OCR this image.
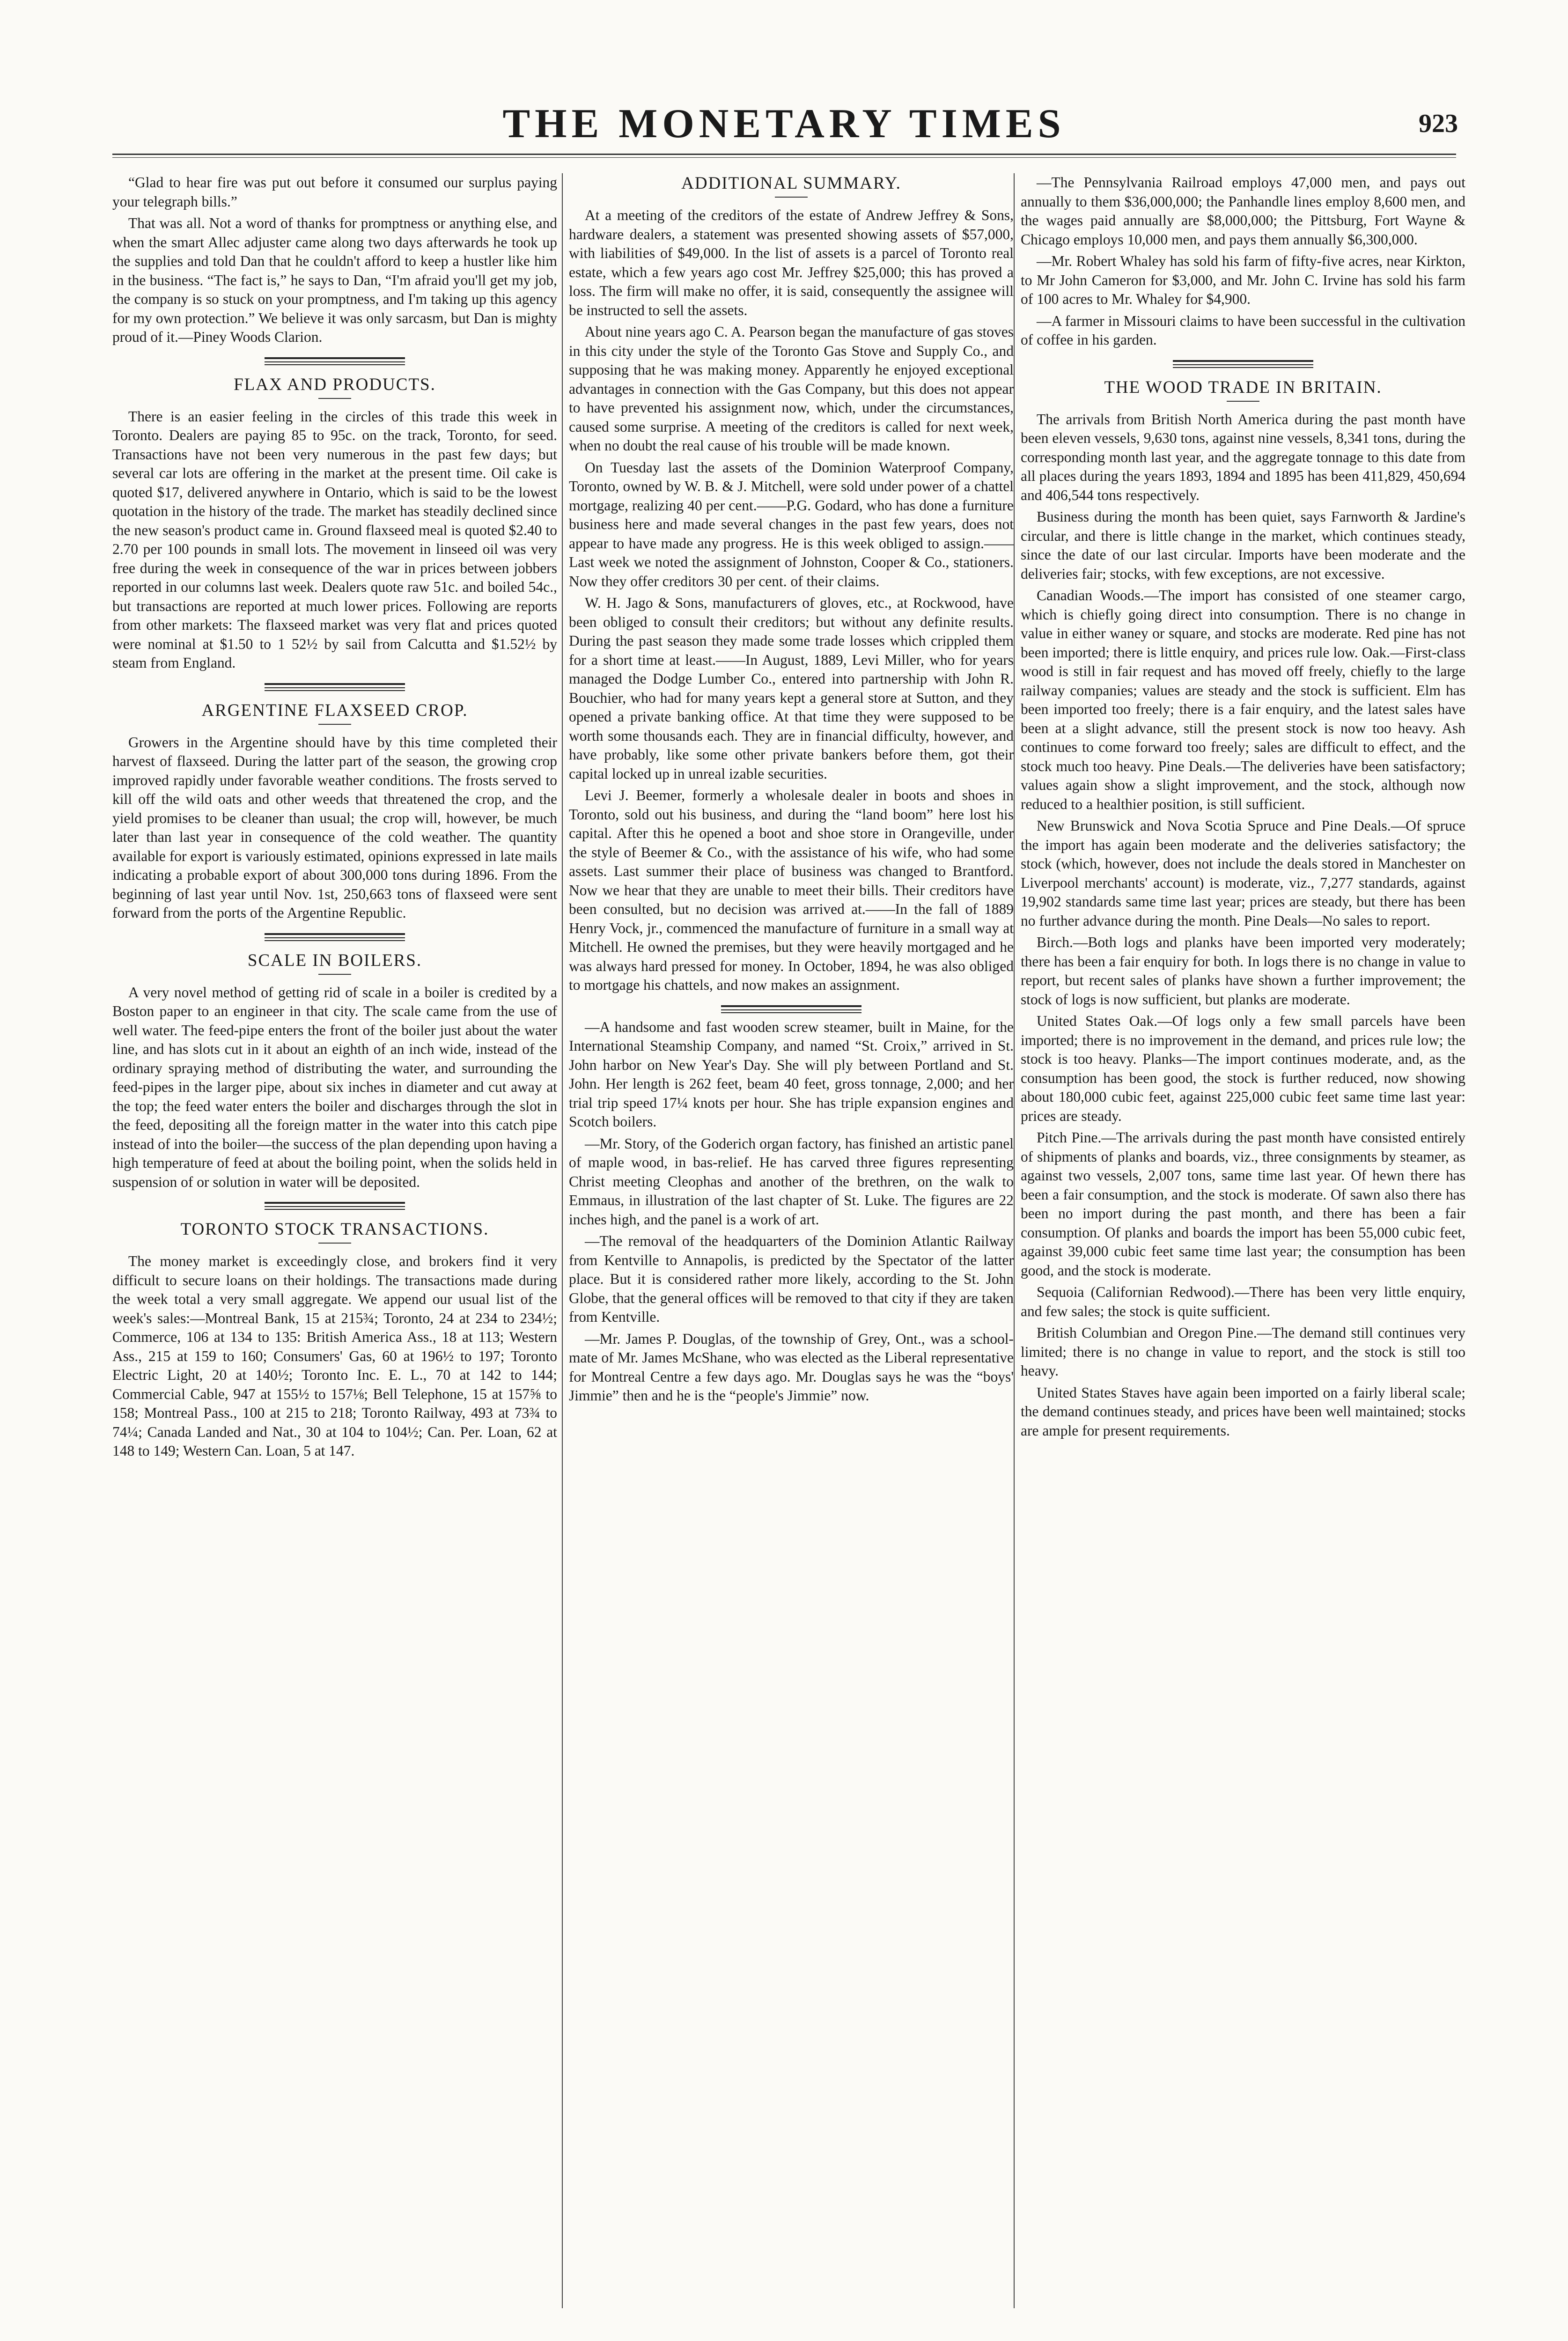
THE MONETARY TIMES	923

“Glad to hear fire was put out before it consumed our surplus paying your telegraph bills.”

That was all. Not a word of thanks for promptness or anything else, and when the smart Allec adjuster came along two days afterwards he took up the supplies and told Dan that he couldn't afford to keep a hustler like him in the business. “The fact is,” he says to Dan, “I'm afraid you'll get my job, the company is so stuck on your promptness, and I'm taking up this agency for my own protection.” We believe it was only sarcasm, but Dan is mighty proud of it.—Piney Woods Clarion.

FLAX AND PRODUCTS.

There is an easier feeling in the circles of this trade this week in Toronto. Dealers are paying 85 to 95c. on the track, Toronto, for seed. Transactions have not been very numerous in the past few days; but several car lots are offering in the market at the present time. Oil cake is quoted $17, delivered anywhere in Ontario, which is said to be the lowest quotation in the history of the trade. The market has steadily declined since the new season's product came in. Ground flaxseed meal is quoted $2.40 to 2.70 per 100 pounds in small lots. The movement in linseed oil was very free during the week in consequence of the war in prices between jobbers reported in our columns last week. Dealers quote raw 51c. and boiled 54c., but transactions are reported at much lower prices. Following are reports from other markets: The flaxseed market was very flat and prices quoted were nominal at $1.50 to 1 52½ by sail from Calcutta and $1.52½ by steam from England.

ARGENTINE FLAXSEED CROP.

Growers in the Argentine should have by this time completed their harvest of flaxseed. During the latter part of the season, the growing crop improved rapidly under favorable weather conditions. The frosts served to kill off the wild oats and other weeds that threatened the crop, and the yield promises to be cleaner than usual; the crop will, however, be much later than last year in consequence of the cold weather. The quantity available for export is variously estimated, opinions expressed in late mails indicating a probable export of about 300,000 tons during 1896. From the beginning of last year until Nov. 1st, 250,663 tons of flaxseed were sent forward from the ports of the Argentine Republic.

SCALE IN BOILERS.

A very novel method of getting rid of scale in a boiler is credited by a Boston paper to an engineer in that city. The scale came from the use of well water. The feed-pipe enters the front of the boiler just about the water line, and has slots cut in it about an eighth of an inch wide, instead of the ordinary spraying method of distributing the water, and surrounding the feed-pipes in the larger pipe, about six inches in diameter and cut away at the top; the feed water enters the boiler and discharges through the slot in the feed, depositing all the foreign matter in the water into this catch pipe instead of into the boiler—the success of the plan depending upon having a high temperature of feed at about the boiling point, when the solids held in suspension of or solution in water will be deposited.

TORONTO STOCK TRANSACTIONS.

The money market is exceedingly close, and brokers find it very difficult to secure loans on their holdings. The transactions made during the week total a very small aggregate. We append our usual list of the week's sales:—Montreal Bank, 15 at 215¾; Toronto, 24 at 234 to 234½; Commerce, 106 at 134 to 135: British America Ass., 18 at 113; Western Ass., 215 at 159 to 160; Consumers' Gas, 60 at 196½ to 197; Toronto Electric Light, 20 at 140½; Toronto Inc. E. L., 70 at 142 to 144; Commercial Cable, 947 at 155½ to 157⅛; Bell Telephone, 15 at 157⅝ to 158; Montreal Pass., 100 at 215 to 218; Toronto Railway, 493 at 73¾ to 74¼; Canada Landed and Nat., 30 at 104 to 104½; Can. Per. Loan, 62 at 148 to 149; Western Can. Loan, 5 at 147.

ADDITIONAL SUMMARY.

At a meeting of the creditors of the estate of Andrew Jeffrey & Sons, hardware dealers, a statement was presented showing assets of $57,000, with liabilities of $49,000. In the list of assets is a parcel of Toronto real estate, which a few years ago cost Mr. Jeffrey $25,000; this has proved a loss. The firm will make no offer, it is said, consequently the assignee will be instructed to sell the assets.

About nine years ago C. A. Pearson began the manufacture of gas stoves in this city under the style of the Toronto Gas Stove and Supply Co., and supposing that he was making money. Apparently he enjoyed exceptional advantages in connection with the Gas Company, but this does not appear to have prevented his assignment now, which, under the circumstances, caused some surprise. A meeting of the creditors is called for next week, when no doubt the real cause of his trouble will be made known.

On Tuesday last the assets of the Dominion Waterproof Company, Toronto, owned by W. B. & J. Mitchell, were sold under power of a chattel mortgage, realizing 40 per cent.——P.G. Godard, who has done a furniture business here and made several changes in the past few years, does not appear to have made any progress. He is this week obliged to assign.——Last week we noted the assignment of Johnston, Cooper & Co., stationers. Now they offer creditors 30 per cent. of their claims.

W. H. Jago & Sons, manufacturers of gloves, etc., at Rockwood, have been obliged to consult their creditors; but without any definite results. During the past season they made some trade losses which crippled them for a short time at least.——In August, 1889, Levi Miller, who for years managed the Dodge Lumber Co., entered into partnership with John R. Bouchier, who had for many years kept a general store at Sutton, and they opened a private banking office. At that time they were supposed to be worth some thousands each. They are in financial difficulty, however, and have probably, like some other private bankers before them, got their capital locked up in unreal izable securities.

Levi J. Beemer, formerly a wholesale dealer in boots and shoes in Toronto, sold out his business, and during the “land boom” here lost his capital. After this he opened a boot and shoe store in Orangeville, under the style of Beemer & Co., with the assistance of his wife, who had some assets. Last summer their place of business was changed to Brantford. Now we hear that they are unable to meet their bills. Their creditors have been consulted, but no decision was arrived at.——In the fall of 1889 Henry Vock, jr., commenced the manufacture of furniture in a small way at Mitchell. He owned the premises, but they were heavily mortgaged and he was always hard pressed for money. In October, 1894, he was also obliged to mortgage his chattels, and now makes an assignment.

—A handsome and fast wooden screw steamer, built in Maine, for the International Steamship Company, and named “St. Croix,” arrived in St. John harbor on New Year's Day. She will ply between Portland and St. John. Her length is 262 feet, beam 40 feet, gross tonnage, 2,000; and her trial trip speed 17¼ knots per hour. She has triple expansion engines and Scotch boilers.

—Mr. Story, of the Goderich organ factory, has finished an artistic panel of maple wood, in bas-relief. He has carved three figures representing Christ meeting Cleophas and another of the brethren, on the walk to Emmaus, in illustration of the last chapter of St. Luke. The figures are 22 inches high, and the panel is a work of art.

—The removal of the headquarters of the Dominion Atlantic Railway from Kentville to Annapolis, is predicted by the Spectator of the latter place. But it is considered rather more likely, according to the St. John Globe, that the general offices will be removed to that city if they are taken from Kentville.

—Mr. James P. Douglas, of the township of Grey, Ont., was a school-mate of Mr. James McShane, who was elected as the Liberal representative for Montreal Centre a few days ago. Mr. Douglas says he was the “boys' Jimmie” then and he is the “people's Jimmie” now.

—The Pennsylvania Railroad employs 47,000 men, and pays out annually to them $36,000,000; the Panhandle lines employ 8,600 men, and the wages paid annually are $8,000,000; the Pittsburg, Fort Wayne & Chicago employs 10,000 men, and pays them annually $6,300,000.

—Mr. Robert Whaley has sold his farm of fifty-five acres, near Kirkton, to Mr John Cameron for $3,000, and Mr. John C. Irvine has sold his farm of 100 acres to Mr. Whaley for $4,900.

—A farmer in Missouri claims to have been successful in the cultivation of coffee in his garden.

THE WOOD TRADE IN BRITAIN.

The arrivals from British North America during the past month have been eleven vessels, 9,630 tons, against nine vessels, 8,341 tons, during the corresponding month last year, and the aggregate tonnage to this date from all places during the years 1893, 1894 and 1895 has been 411,829, 450,694 and 406,544 tons respectively.

Business during the month has been quiet, says Farnworth & Jardine's circular, and there is little change in the market, which continues steady, since the date of our last circular. Imports have been moderate and the deliveries fair; stocks, with few exceptions, are not excessive.

Canadian Woods.—The import has consisted of one steamer cargo, which is chiefly going direct into consumption. There is no change in value in either waney or square, and stocks are moderate. Red pine has not been imported; there is little enquiry, and prices rule low. Oak.—First-class wood is still in fair request and has moved off freely, chiefly to the large railway companies; values are steady and the stock is sufficient. Elm has been imported too freely; there is a fair enquiry, and the latest sales have been at a slight advance, still the present stock is now too heavy. Ash continues to come forward too freely; sales are difficult to effect, and the stock much too heavy. Pine Deals.—The deliveries have been satisfactory; values again show a slight improvement, and the stock, although now reduced to a healthier position, is still sufficient.

New Brunswick and Nova Scotia Spruce and Pine Deals.—Of spruce the import has again been moderate and the deliveries satisfactory; the stock (which, however, does not include the deals stored in Manchester on Liverpool merchants' account) is moderate, viz., 7,277 standards, against 19,902 standards same time last year; prices are steady, but there has been no further advance during the month. Pine Deals—No sales to report.

Birch.—Both logs and planks have been imported very moderately; there has been a fair enquiry for both. In logs there is no change in value to report, but recent sales of planks have shown a further improvement; the stock of logs is now sufficient, but planks are moderate.

United States Oak.—Of logs only a few small parcels have been imported; there is no improvement in the demand, and prices rule low; the stock is too heavy. Planks—The import continues moderate, and, as the consumption has been good, the stock is further reduced, now showing about 180,000 cubic feet, against 225,000 cubic feet same time last year: prices are steady.

Pitch Pine.—The arrivals during the past month have consisted entirely of shipments of planks and boards, viz., three consignments by steamer, as against two vessels, 2,007 tons, same time last year. Of hewn there has been a fair consumption, and the stock is moderate. Of sawn also there has been no import during the past month, and there has been a fair consumption. Of planks and boards the import has been 55,000 cubic feet, against 39,000 cubic feet same time last year; the consumption has been good, and the stock is moderate.

Sequoia (Californian Redwood).—There has been very little enquiry, and few sales; the stock is quite sufficient.

British Columbian and Oregon Pine.—The demand still continues very limited; there is no change in value to report, and the stock is still too heavy.

United States Staves have again been imported on a fairly liberal scale; the demand continues steady, and prices have been well maintained; stocks are ample for present requirements.
